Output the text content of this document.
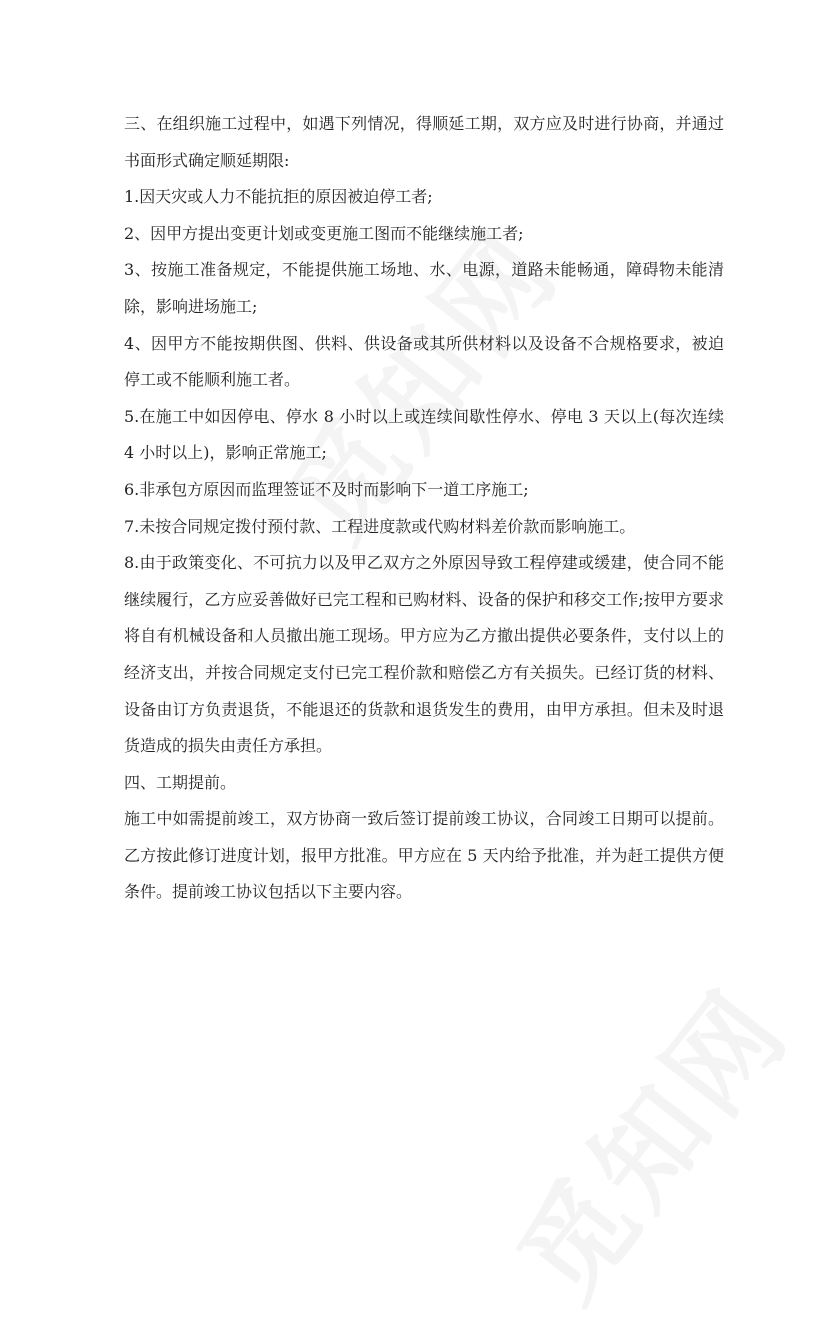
三、在组织施工过程中，如遇下列情况，得顺延工期，双方应及时进行协商，并通过书面形式确定顺延期限:

1.因天灾或人力不能抗拒的原因被迫停工者;

2、因甲方提出变更计划或变更施工图而不能继续施工者;

3、按施工准备规定，不能提供施工场地、水、电源，道路未能畅通，障碍物未能清除，影响进场施工;

4、因甲方不能按期供图、供料、供设备或其所供材料以及设备不合规格要求，被迫停工或不能顺利施工者。

5.在施工中如因停电、停水 8 小时以上或连续间歇性停水、停电 3 天以上(每次连续 4 小时以上)，影响正常施工;

6.非承包方原因而监理签证不及时而影响下一道工序施工;

7.未按合同规定拨付预付款、工程进度款或代购材料差价款而影响施工。

8.由于政策变化、不可抗力以及甲乙双方之外原因导致工程停建或缓建，使合同不能继续履行，乙方应妥善做好已完工程和已购材料、设备的保护和移交工作;按甲方要求将自有机械设备和人员撤出施工现场。甲方应为乙方撤出提供必要条件，支付以上的经济支出，并按合同规定支付已完工程价款和赔偿乙方有关损失。已经订货的材料、设备由订方负责退货，不能退还的货款和退货发生的费用，由甲方承担。但未及时退货造成的损失由责任方承担。

四、工期提前。

施工中如需提前竣工，双方协商一致后签订提前竣工协议，合同竣工日期可以提前。乙方按此修订进度计划，报甲方批准。甲方应在 5 天内给予批准，并为赶工提供方便条件。提前竣工协议包括以下主要内容。
